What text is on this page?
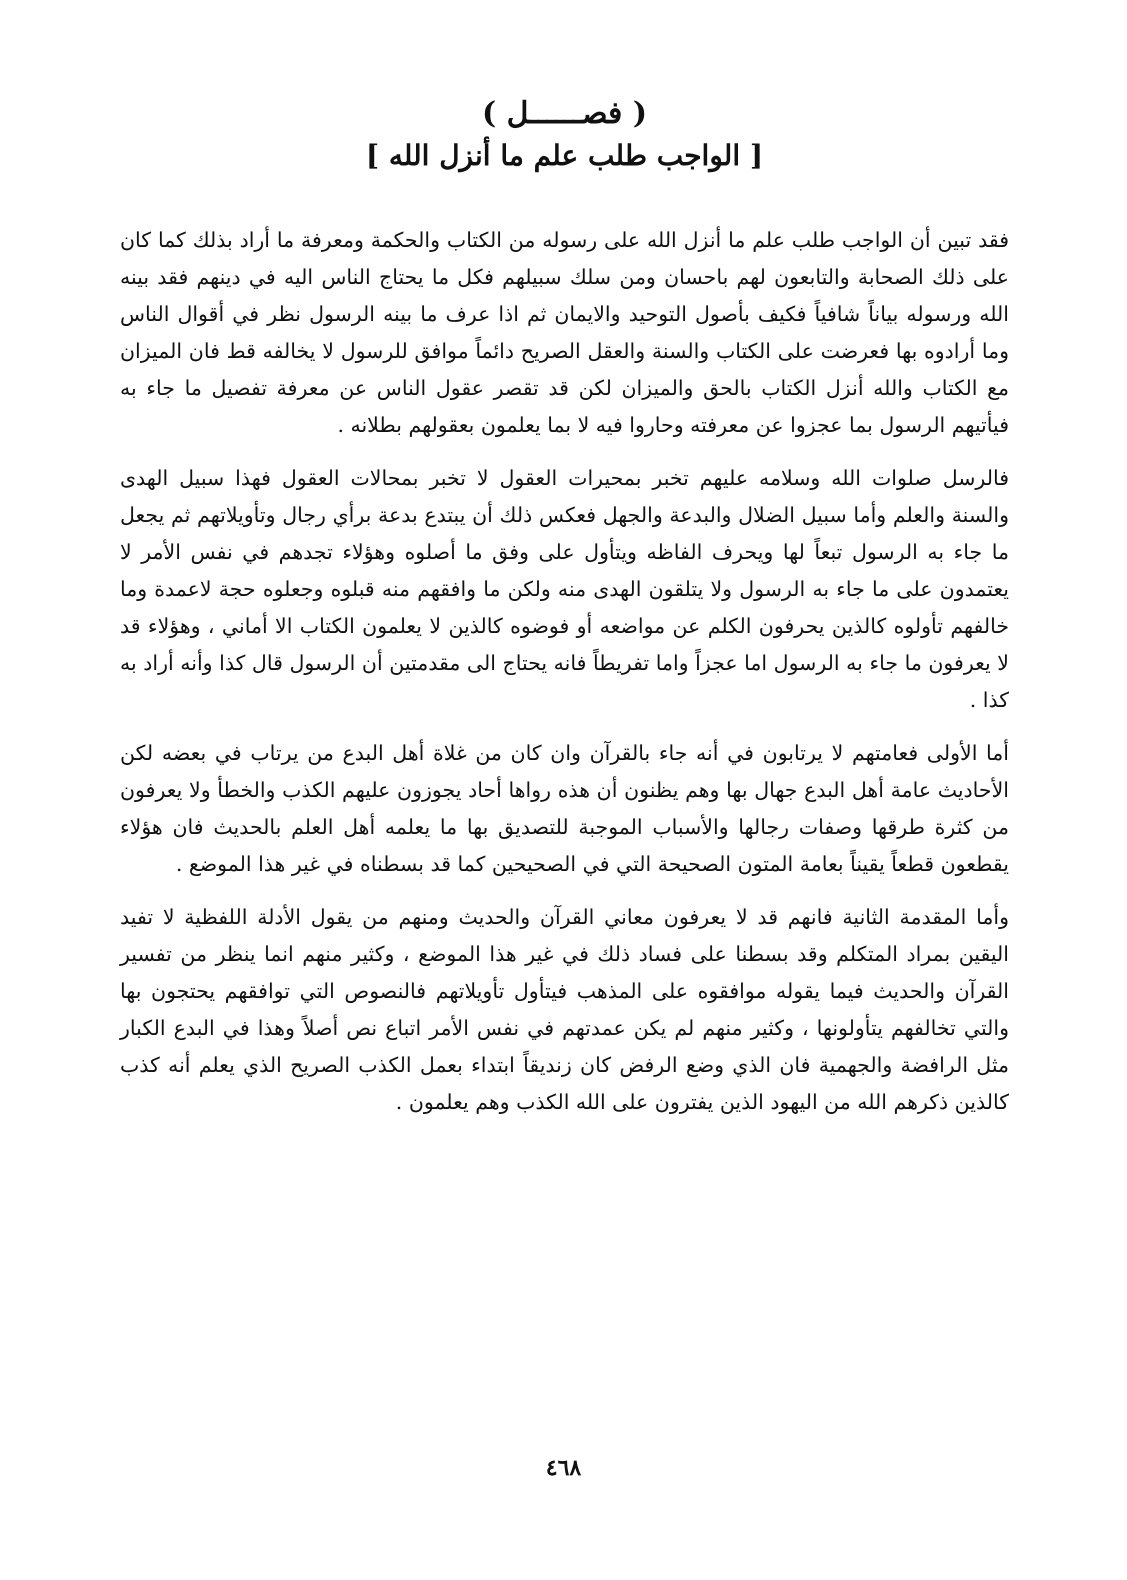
( فصــــــل )
[ الواجب طلب علم ما أنزل الله ]

فقد تبين أن الواجب طلب علم ما أنزل الله على رسوله من الكتاب والحكمة ومعرفة ما أراد بذلك كما كان على ذلك الصحابة والتابعون لهم باحسان ومن سلك سبيلهم فكل ما يحتاج الناس اليه في دينهم فقد بينه الله ورسوله بياناً شافياً فكيف بأصول التوحيد والايمان ثم اذا عرف ما بينه الرسول نظر في أقوال الناس وما أرادوه بها فعرضت على الكتاب والسنة والعقل الصريح دائماً موافق للرسول لا يخالفه قط فان الميزان مع الكتاب والله أنزل الكتاب بالحق والميزان لكن قد تقصر عقول الناس عن معرفة تفصيل ما جاء به فيأتيهم الرسول بما عجزوا عن معرفته وحاروا فيه لا بما يعلمون بعقولهم بطلانه .

فالرسل صلوات الله وسلامه عليهم تخبر بمحيرات العقول لا تخبر بمحالات العقول فهذا سبيل الهدى والسنة والعلم وأما سبيل الضلال والبدعة والجهل فعكس ذلك أن يبتدع بدعة برأي رجال وتأويلاتهم ثم يجعل ما جاء به الرسول تبعاً لها ويحرف الفاظه ويتأول على وفق ما أصلوه وهؤلاء تجدهم في نفس الأمر لا يعتمدون على ما جاء به الرسول ولا يتلقون الهدى منه ولكن ما وافقهم منه قبلوه وجعلوه حجة لاعمدة وما خالفهم تأولوه كالذين يحرفون الكلم عن مواضعه أو فوضوه كالذين لا يعلمون الكتاب الا أماني ، وهؤلاء قد لا يعرفون ما جاء به الرسول اما عجزاً واما تفريطاً فانه يحتاج الى مقدمتين أن الرسول قال كذا وأنه أراد به كذا .

أما الأولى فعامتهم لا يرتابون في أنه جاء بالقرآن وان كان من غلاة أهل البدع من يرتاب في بعضه لكن الأحاديث عامة أهل البدع جهال بها وهم يظنون أن هذه رواها أحاد يجوزون عليهم الكذب والخطأ ولا يعرفون من كثرة طرقها وصفات رجالها والأسباب الموجبة للتصديق بها ما يعلمه أهل العلم بالحديث فان هؤلاء يقطعون قطعاً يقيناً بعامة المتون الصحيحة التي في الصحيحين كما قد بسطناه في غير هذا الموضع .

وأما المقدمة الثانية فانهم قد لا يعرفون معاني القرآن والحديث ومنهم من يقول الأدلة اللفظية لا تفيد اليقين بمراد المتكلم وقد بسطنا على فساد ذلك في غير هذا الموضع ، وكثير منهم انما ينظر من تفسير القرآن والحديث فيما يقوله موافقوه على المذهب فيتأول تأويلاتهم فالنصوص التي توافقهم يحتجون بها والتي تخالفهم يتأولونها ، وكثير منهم لم يكن عمدتهم في نفس الأمر اتباع نص أصلاً وهذا في البدع الكبار مثل الرافضة والجهمية فان الذي وضع الرفض كان زنديقاً ابتداء بعمل الكذب الصريح الذي يعلم أنه كذب كالذين ذكرهم الله من اليهود الذين يفترون على الله الكذب وهم يعلمون .

٤٦٨
